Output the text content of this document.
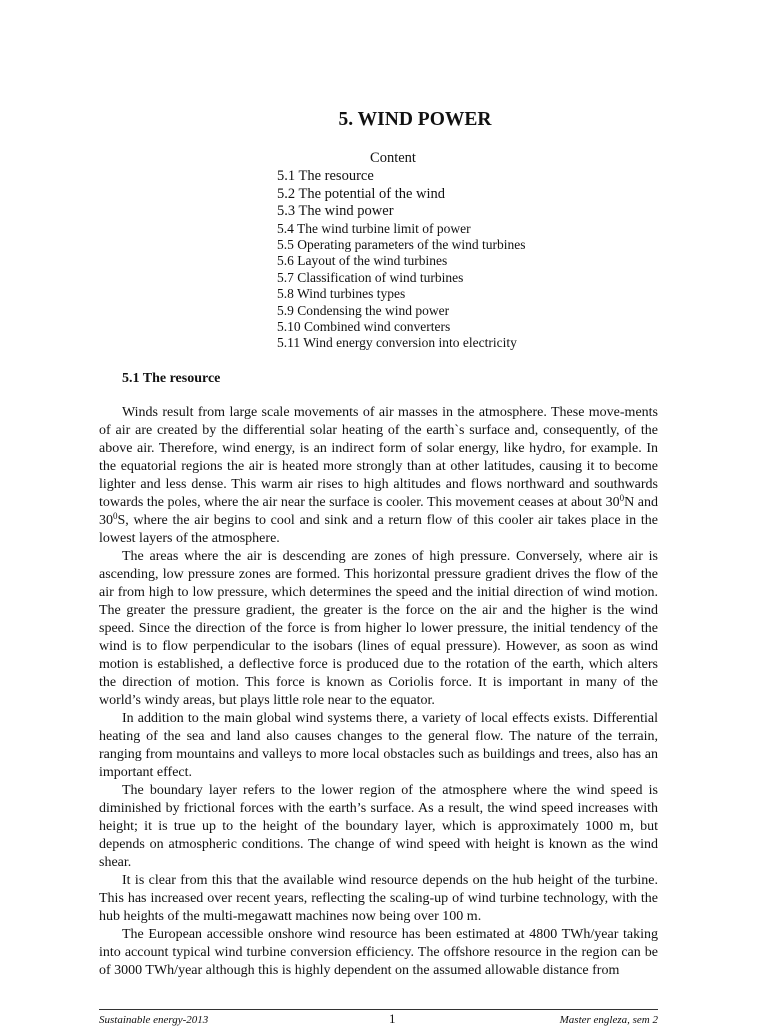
5. WIND POWER
Content
5.1 The resource
5.2 The potential of the wind
5.3 The wind power
5.4 The wind turbine limit of power
5.5 Operating parameters of the wind turbines
5.6 Layout of the wind turbines
5.7 Classification of wind turbines
5.8 Wind turbines types
5.9 Condensing the wind power
5.10 Combined wind converters
5.11 Wind energy conversion into electricity
5.1 The resource

Winds result from large scale movements of air masses in the atmosphere. These move-ments of air are created by the differential solar heating of the earth`s surface and, consequently, of the above air. Therefore, wind energy, is an indirect form of solar energy, like hydro, for example. In the equatorial regions the air is heated more strongly than at other latitudes, causing it to become lighter and less dense. This warm air rises to high altitudes and flows northward and southwards towards the poles, where the air near the surface is cooler. This movement ceases at about $30^0N$ and $30^0S$, where the air begins to cool and sink and a return flow of this cooler air takes place in the lowest layers of the atmosphere.

The areas where the air is descending are zones of high pressure. Conversely, where air is ascending, low pressure zones are formed. This horizontal pressure gradient drives the flow of the air from high to low pressure, which determines the speed and the initial direction of wind motion. The greater the pressure gradient, the greater is the force on the air and the higher is the wind speed. Since the direction of the force is from higher lo lower pressure, the initial tendency of the wind is to flow perpendicular to the isobars (lines of equal pressure). However, as soon as wind motion is established, a deflective force is produced due to the rotation of the earth, which alters the direction of motion. This force is known as Coriolis force. It is important in many of the world’s windy areas, but plays little role near to the equator.

In addition to the main global wind systems there, a variety of local effects exists. Differential heating of the sea and land also causes changes to the general flow. The nature of the terrain, ranging from mountains and valleys to more local obstacles such as buildings and trees, also has an important effect.

The boundary layer refers to the lower region of the atmosphere where the wind speed is diminished by frictional forces with the earth’s surface. As a result, the wind speed increases with height; it is true up to the height of the boundary layer, which is approximately 1000 m, but depends on atmospheric conditions. The change of wind speed with height is known as the wind shear.

It is clear from this that the available wind resource depends on the hub height of the turbine. This has increased over recent years, reflecting the scaling-up of wind turbine technology, with the hub heights of the multi-megawatt machines now being over 100 m.

The European accessible onshore wind resource has been estimated at 4800 TWh/year taking into account typical wind turbine conversion efficiency. The offshore resource in the region can be of 3000 TWh/year although this is highly dependent on the assumed allowable distance from

Sustainable energy-2013	1	Master engleza, sem 2
